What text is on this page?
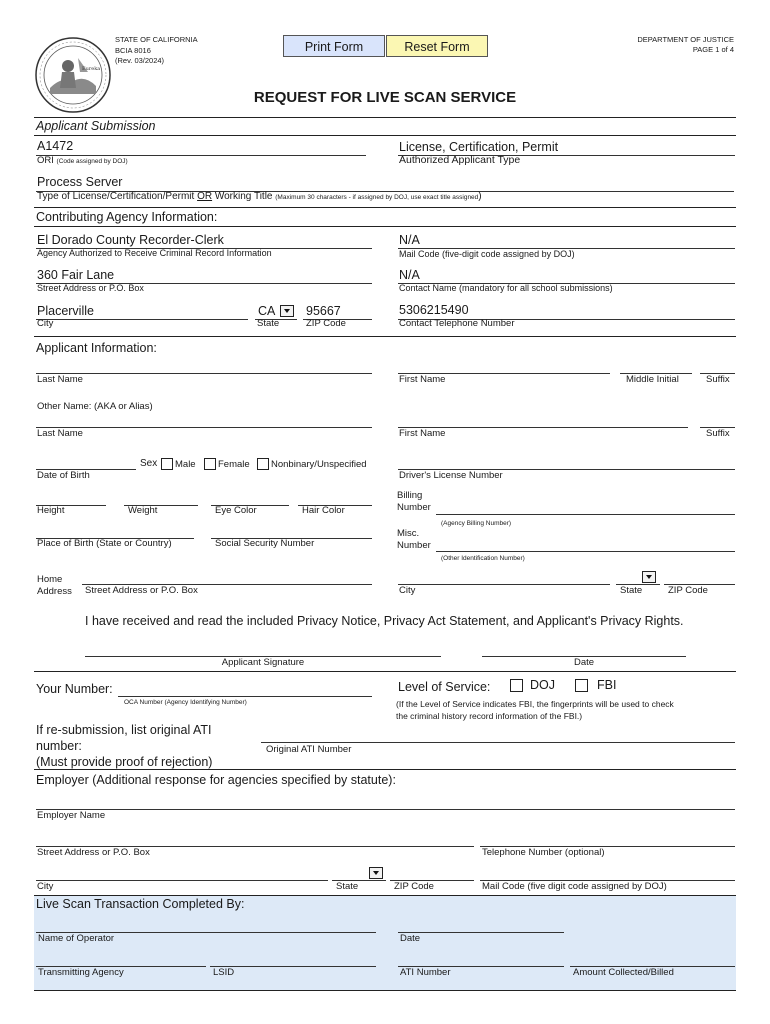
Eureka
STATE OF CALIFORNIA
BCIA 8016
(Rev. 03/2024)
Print Form	Reset Form
DEPARTMENT OF JUSTICE
PAGE 1 of 4
REQUEST FOR LIVE SCAN SERVICE
Applicant Submission
A1472
ORI (Code assigned by DOJ)
License, Certification, Permit
Authorized Applicant Type
Process Server
Type of License/Certification/Permit OR Working Title (Maximum 30 characters - if assigned by DOJ, use exact title assigned)
Contributing Agency Information:
El Dorado County Recorder-Clerk
Agency Authorized to Receive Criminal Record Information
N/A
Mail Code (five-digit code assigned by DOJ)
360 Fair Lane
Street Address or P.O. Box
N/A
Contact Name (mandatory for all school submissions)
Placerville
City
CA
State
95667
ZIP Code
5306215490
Contact Telephone Number
Applicant Information:
Last Name	First Name	Middle Initial	Suffix
Other Name: (AKA or Alias)
Last Name	First Name	Suffix
Date of Birth
Sex Male Female Nonbinary/Unspecified
Driver's License Number
Height	Weight	Eye Color	Hair Color
Billing
Number
(Agency Billing Number)
Place of Birth (State or Country)	Social Security Number
Misc.
Number
(Other Identification Number)
Home
Address Street Address or P.O. Box	City	State	ZIP Code
I have received and read the included Privacy Notice, Privacy Act Statement, and Applicant's Privacy Rights.
Applicant Signature	Date
Your Number:
OCA Number (Agency Identifying Number)
Level of Service:	DOJ	FBI
(If the Level of Service indicates FBI, the fingerprints will be used to check
the criminal history record information of the FBI.)
If re-submission, list original ATI
number:
(Must provide proof of rejection)
Original ATI Number
Employer (Additional response for agencies specified by statute):
Employer Name
Street Address or P.O. Box	Telephone Number (optional)
City	State	ZIP Code	Mail Code (five digit code assigned by DOJ)
Live Scan Transaction Completed By:
Name of Operator	Date
Transmitting Agency	LSID	ATI Number	Amount Collected/Billed
